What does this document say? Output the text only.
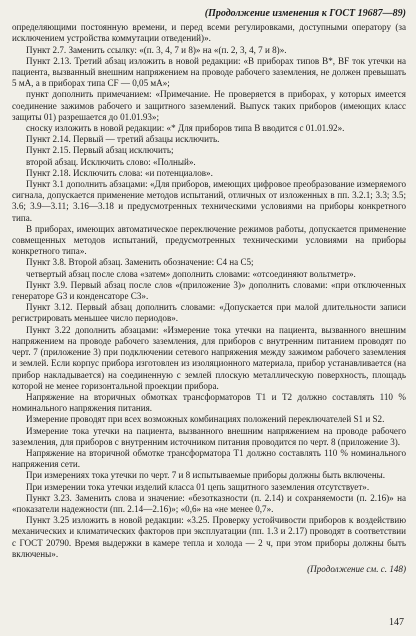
(Продолжение изменения к ГОСТ 19687—89)

определяющими постоянную времени, и перед всеми регулировками, доступными оператору (за исключением устройства коммутации отведений)».

Пункт 2.7. Заменить ссылку: «(п. 3, 4, 7 и 8)» на «(п. 2, 3, 4, 7 и 8)».

Пункт 2.13. Третий абзац изложить в новой редакции: «В приборах типов В*, ВF ток утечки на пациента, вызванный внешним напряжением на проводе рабочего заземления, не должен превышать 5 мА, а в приборах типа СF — 0,05 мА»;

пункт дополнить примечанием: «Примечание. Не проверяется в приборах, у которых имеется соединение зажимов рабочего и защитного заземлений. Выпуск таких приборов (имеющих класс защиты 01) разрешается до 01.01.93»;

сноску изложить в новой редакции: «* Для приборов типа В вводится с 01.01.92».

Пункт 2.14. Первый — третий абзацы исключить.

Пункт 2.15. Первый абзац исключить;

второй абзац. Исключить слово: «Полный».

Пункт 2.18. Исключить слова: «и потенциалов».

Пункт 3.1 дополнить абзацами: «Для приборов, имеющих цифровое преобразование измеряемого сигнала, допускается применение методов испытаний, отличных от изложенных в пп. 3.2.1; 3.3; 3.5; 3.6; 3.9—3.11; 3.16—3.18 и предусмотренных техническими условиями на приборы конкретного типа.

В приборах, имеющих автоматическое переключение режимов работы, допускается применение совмещенных методов испытаний, предусмотренных техническими условиями на приборы конкретного типа».

Пункт 3.8. Второй абзац. Заменить обозначение: C4 на C5;

четвертый абзац после слова «затем» дополнить словами: «отсоединяют вольтметр».

Пункт 3.9. Первый абзац после слов «(приложение 3)» дополнить словами: «при отключенных генераторе G3 и конденсаторе C3».

Пункт 3.12. Первый абзац дополнить словами: «Допускается при малой длительности записи регистрировать меньшее число периодов».

Пункт 3.22 дополнить абзацами: «Измерение тока утечки на пациента, вызванного внешним напряжением на проводе рабочего заземления, для приборов с внутренним питанием проводят по черт. 7 (приложение 3) при подключении сетевого напряжения между зажимом рабочего заземления и землей. Если корпус прибора изготовлен из изоляционного материала, прибор устанавливается (на прибор накладывается) на соединенную с землей плоскую металлическую поверхность, площадь которой не менее горизонтальной проекции прибора.

Напряжение на вторичных обмотках трансформаторов T1 и T2 должно составлять 110 % номинального напряжения питания.

Измерение проводят при всех возможных комбинациях положений переключателей S1 и S2.

Измерение тока утечки на пациента, вызванного внешним напряжением на проводе рабочего заземления, для приборов с внутренним источником питания проводится по черт. 8 (приложение 3).

Напряжение на вторичной обмотке трансформатора T1 должно составлять 110 % номинального напряжения сети.

При измерениях тока утечки по черт. 7 и 8 испытываемые приборы должны быть включены.

При измерении тока утечки изделий класса 01 цепь защитного заземления отсутствует».

Пункт 3.23. Заменить слова и значение: «безотказности (п. 2.14) и сохраняемости (п. 2.16)» на «показатели надежности (пп. 2.14—2.16)»; «0,6» на «не менее 0,7».

Пункт 3.25 изложить в новой редакции: «3.25. Проверку устойчивости приборов к воздействию механических и климатических факторов при эксплуатации (пп. 1.3 и 2.17) проводят в соответствии с ГОСТ 20790. Время выдержки в камере тепла и холода — 2 ч, при этом приборы должны быть включены».

(Продолжение см. с. 148)
147
